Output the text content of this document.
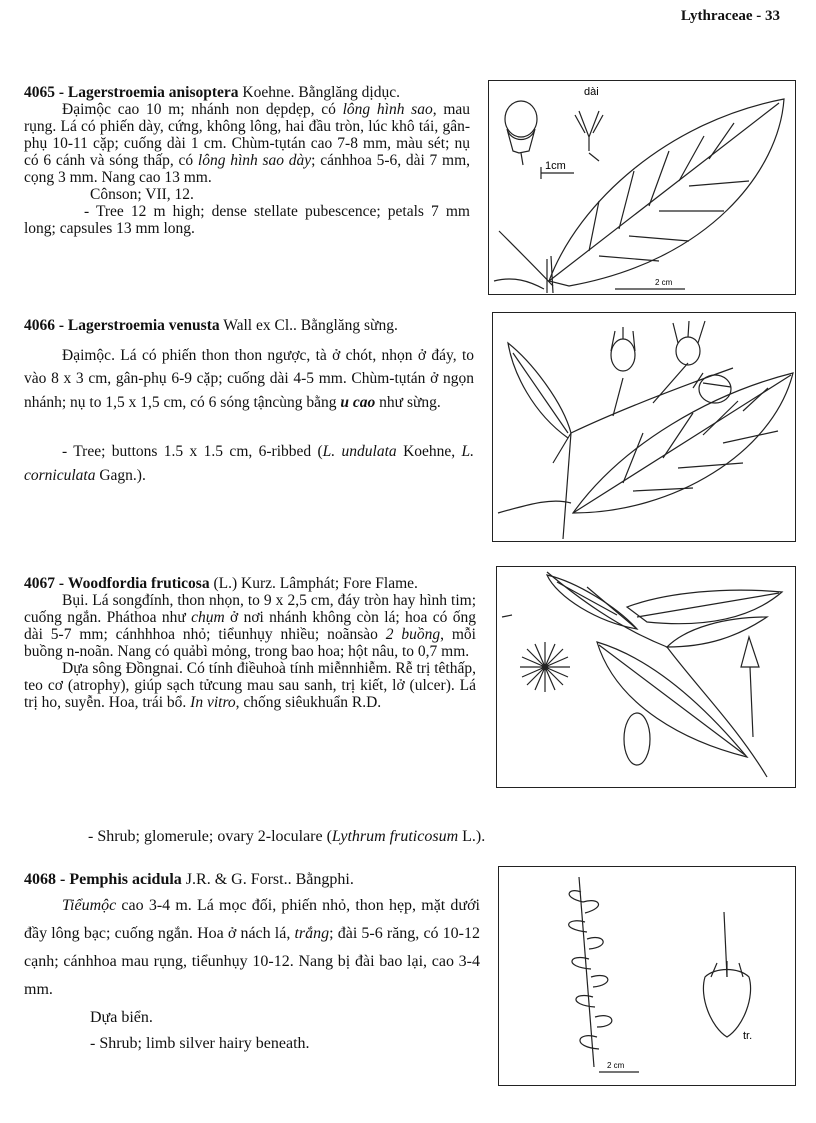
Lythraceae - 33

4065 - Lagerstroemia anisoptera Koehne. Bằnglăng dịdục.

Đạimộc cao 10 m; nhánh non dẹpdẹp, có lông hình sao, mau rụng. Lá có phiến dày, cứng, không lông, hai đầu tròn, lúc khô tái, gân-phụ 10-11 cặp; cuống dài 1 cm. Chùm-tụtán cao 7-8 mm, màu sét; nụ có 6 cánh và sóng thấp, có lông hình sao dày; cánhhoa 5-6, dài 7 mm, cọng 3 mm. Nang cao 13 mm.

Cônson; VII, 12.

- Tree 12 m high; dense stellate pubescence; petals 7 mm long; capsules 13 mm long.

dài
1cm
2 cm

4066 - Lagerstroemia venusta Wall ex Cl.. Bằnglăng sừng.

Đạimộc. Lá có phiến thon thon ngược, tà ở chót, nhọn ở đáy, to vào 8 x 3 cm, gân-phụ 6-9 cặp; cuống dài 4-5 mm. Chùm-tụtán ở ngọn nhánh; nụ to 1,5 x 1,5 cm, có 6 sóng tậncùng bằng u cao như sừng.

- Tree; buttons 1.5 x 1.5 cm, 6-ribbed (L. undulata Koehne, L. corniculata Gagn.).

4067 - Woodfordia fruticosa (L.) Kurz. Lâmphát; Fore Flame.

Bụi. Lá songđính, thon nhọn, to 9 x 2,5 cm, đáy tròn hay hình tim; cuống ngắn. Pháthoa như chụm ở nơi nhánh không còn lá; hoa có ống dài 5-7 mm; cánhhhoa nhỏ; tiểunhụy nhiều; noãnsào 2 buồng, mỗi buồng n-noãn. Nang có quảbì mỏng, trong bao hoa; hột nâu, to 0,7 mm.

Dựa sông Đồngnai. Có tính điềuhoà tính miễnnhiễm. Rễ trị têthấp, teo cơ (atrophy), giúp sạch tửcung mau sau sanh, trị kiết, lở (ulcer). Lá trị ho, suyễn. Hoa, trái bổ. In vitro, chống siêukhuẩn R.D.

- Shrub; glomerule; ovary 2-loculare (Lythrum fruticosum L.).

4068 - Pemphis acidula J.R. & G. Forst.. Bằngphi.

Tiểumộc cao 3-4 m. Lá mọc đối, phiến nhỏ, thon hẹp, mặt dưới đầy lông bạc; cuống ngắn. Hoa ở nách lá, trắng; đài 5-6 răng, có 10-12 cạnh; cánhhoa mau rụng, tiểunhụy 10-12. Nang bị đài bao lại, cao 3-4 mm.

Dựa biển.

- Shrub; limb silver hairy beneath.	tr.
2 cm
